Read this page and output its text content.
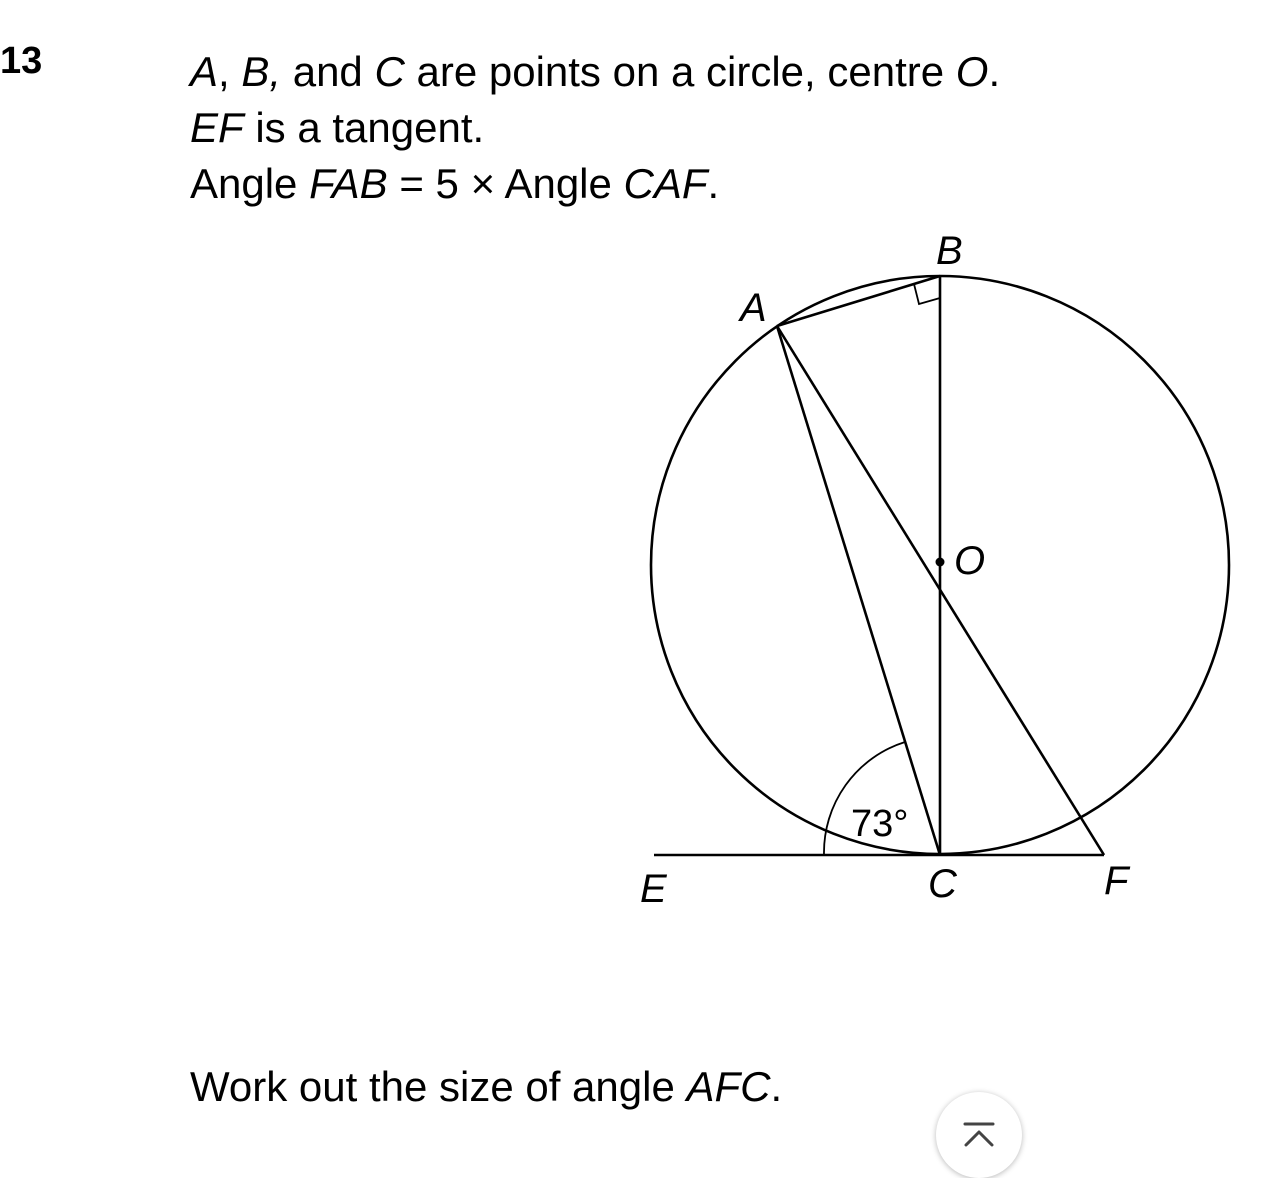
13	A, B, and C are points on a circle, centre O.
EF is a tangent.
Angle FAB = 5 × Angle CAF.
B
A
O
E	C	F
73°
Work out the size of angle AFC.
